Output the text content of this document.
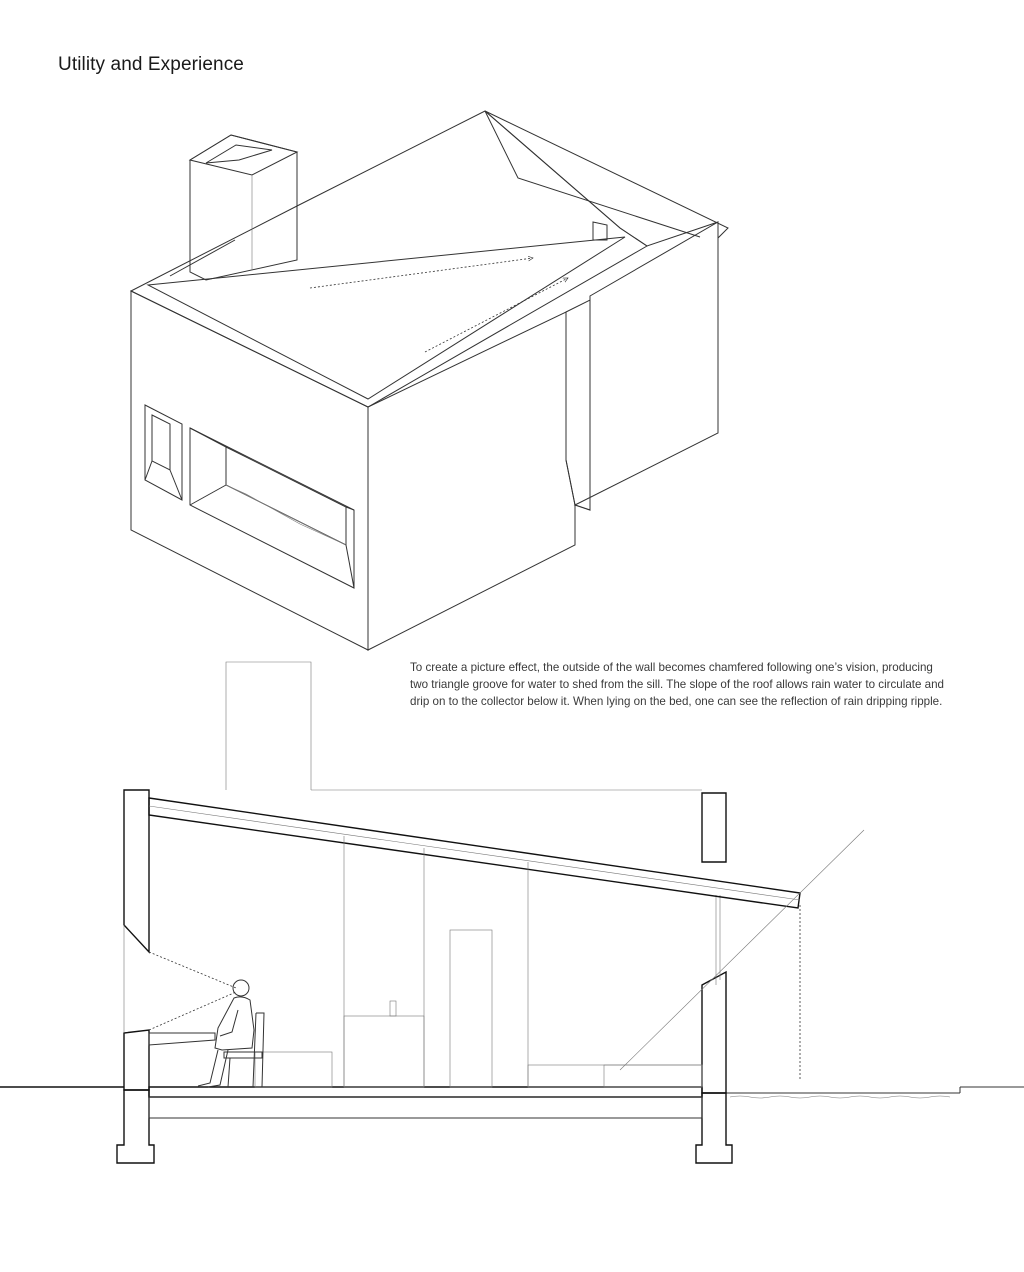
Utility and Experience
To create a picture effect, the outside of the wall becomes chamfered following one’s vision, producing two triangle groove for water to shed from the sill. The slope of the roof allows rain water to circulate and drip on to the collector below it. When lying on the bed, one can see the reflection of rain dripping ripple.
